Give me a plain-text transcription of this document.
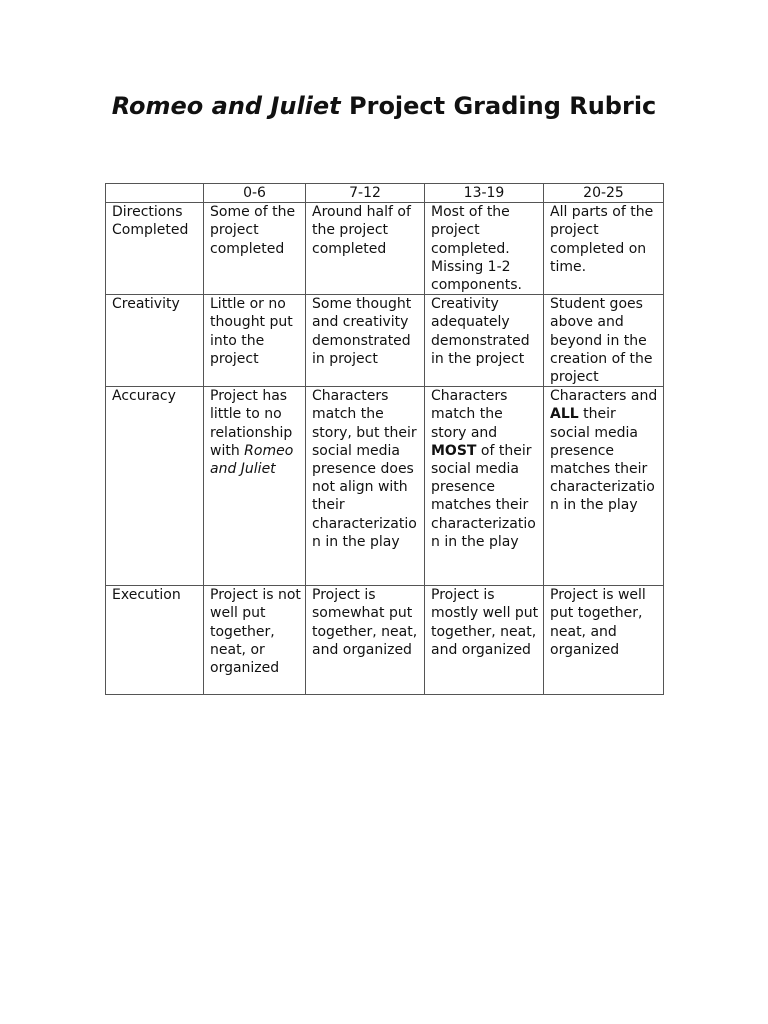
Romeo and Juliet Project Grading Rubric
	0-6	7-12	13-19	20-25
Directions Completed	Some of the project completed	Around half of the project completed	Most of the project completed. Missing 1-2 components.	All parts of the project completed on time.
Creativity	Little or no thought put into the project	Some thought and creativity demonstrated in project	Creativity adequately demonstrated in the project	Student goes above and beyond in the creation of the project
Accuracy	Project has little to no relationship with Romeo and Juliet	Characters match the story, but their social media presence does not align with their characterization in the play	Characters match the story and MOST of their social media presence matches their characterization in the play	Characters and ALL their social media presence matches their characterization in the play
Execution	Project is not well put together, neat, or organized	Project is somewhat put together, neat, and organized	Project is mostly well put together, neat, and organized	Project is well put together, neat, and organized
